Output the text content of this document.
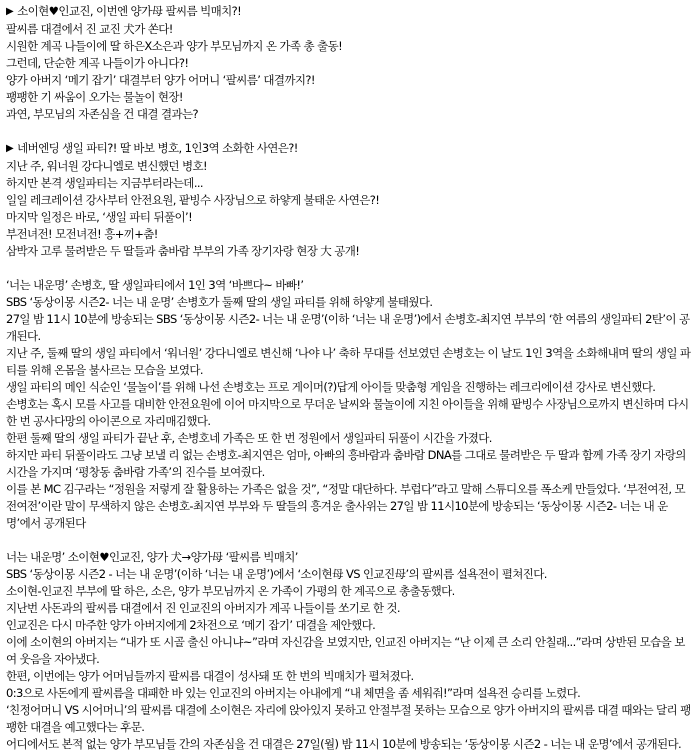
▶ 소이현♥인교진, 이번엔 양가母 팔씨름 빅매치?!
팔씨름 대결에서 진 교진 犬가 쏜다!
시원한 계곡 나들이에 딸 하은X소은과 양가 부모님까지 온 가족 총 출동!
그런데, 단순한 계곡 나들이가 아니다?!
양가 아버지 ‘메기 잡기’ 대결부터 양가 어머니 ‘팔씨름’ 대결까지?!
팽팽한 기 싸움이 오가는 물놀이 현장!
과연, 부모님의 자존심을 건 대결 결과는?
▶ 네버엔딩 생일 파티?! 딸 바보 병호, 1인3역 소화한 사연은?!
지난 주, 워너원 강다니엘로 변신했던 병호!
하지만 본격 생일파티는 지금부터라는데...
일일 레크레이션 강사부터 안전요원, 팥빙수 사장님으로 하얗게 불태운 사연은?!
마지막 일정은 바로, ‘생일 파티 뒤풀이’!
부전녀전! 모전녀전! 흥+끼+춤!
삼박자 고루 물려받은 두 딸들과 춤바람 부부의 가족 장기자랑 현장 大 공개!
‘너는 내운명’ 손병호, 딸 생일파티에서 1인 3역 ‘바쁘다~ 바빠!’
SBS ‘동상이몽 시즌2- 너는 내 운명’ 손병호가 둘째 딸의 생일 파티를 위해 하얗게 불태웠다.
27일 밤 11시 10분에 방송되는 SBS ‘동상이몽 시즌2- 너는 내 운명’(이하 ‘너는 내 운명’)에서 손병호-최지연 부부의 ‘한 여름의 생일파티 2탄’이 공개된다.
지난 주, 둘째 딸의 생일 파티에서 ‘워너원’ 강다니엘로 변신해 ‘나야 나’ 축하 무대를 선보였던 손병호는 이 날도 1인 3역을 소화해내며 딸의 생일 파티를 위해 온몸을 불사르는 모습을 보였다.
생일 파티의 메인 식순인 ‘물놀이’를 위해 나선 손병호는 프로 게이머(?)답게 아이들 맞춤형 게임을 진행하는 레크리에이션 강사로 변신했다.
손병호는 혹시 모를 사고를 대비한 안전요원에 이어 마지막으로 무더운 날씨와 물놀이에 지친 아이들을 위해 팥빙수 사장님으로까지 변신하며 다시 한 번 공사다망의 아이콘으로 자리매김했다.
한편 둘째 딸의 생일 파티가 끝난 후, 손병호네 가족은 또 한 번 정원에서 생일파티 뒤풀이 시간을 가졌다.
하지만 파티 뒤풀이라도 그냥 보낼 리 없는 손병호-최지연은 엄마, 아빠의 흥바람과 춤바람 DNA를 그대로 물려받은 두 딸과 함께 가족 장기 자랑의 시간을 가지며 ‘평창동 춤바람 가족’의 진수를 보여줬다.
이를 본 MC 김구라는 “정원을 저렇게 잘 활용하는 가족은 없을 것”, “정말 대단하다. 부럽다”라고 말해 스튜디오를 폭소케 만들었다. ‘부전여전, 모전여전’이란 말이 무색하지 않은 손병호-최지연 부부와 두 딸들의 흥겨운 출사위는 27일 밤 11시10분에 방송되는 ‘동상이몽 시즌2- 너는 내 운명’에서 공개된다
너는 내운명’ 소이현♥인교진, 양가 犬→양가母 ‘팔씨름 빅매치’
SBS ‘동상이몽 시즌2 - 너는 내 운명’(이하 ‘너는 내 운명’)에서 ‘소이현母 VS 인교진母’의 팔씨름 설욕전이 펼쳐진다.
소이현-인교진 부부에 딸 하은, 소은, 양가 부모님까지 온 가족이 가평의 한 계곡으로 총출동했다.
지난번 사돈과의 팔씨름 대결에서 진 인교진의 아버지가 계곡 나들이를 쏘기로 한 것.
인교진은 다시 마주한 양가 아버지에게 2차전으로 ‘메기 잡기’ 대결을 제안했다.
이에 소이현의 아버지는 “내가 또 시골 출신 아니냐~”라며 자신감을 보였지만, 인교진 아버지는 “난 이제 큰 소리 안칠래...”라며 상반된 모습을 보여 웃음을 자아냈다.
한편, 이번에는 양가 어머님들까지 팔씨름 대결이 성사돼 또 한 번의 빅매치가 펼쳐졌다.
0:3으로 사돈에게 팔씨름을 대패한 바 있는 인교진의 아버지는 아내에게 “내 체면을 좀 세워줘!”라며 설욕전 승리를 노렸다.
‘친정어머니 VS 시어머니’의 팔씨름 대결에 소이현은 자리에 앉아있지 못하고 안절부절 못하는 모습으로 양가 아버지의 팔씨름 대결 때와는 달리 팽팽한 대결을 예고했다는 후문.
어디에서도 본적 없는 양가 부모님들 간의 자존심을 건 대결은 27일(월) 밤 11시 10분에 방송되는 ‘동상이몽 시즌2 - 너는 내 운명’에서 공개된다.
